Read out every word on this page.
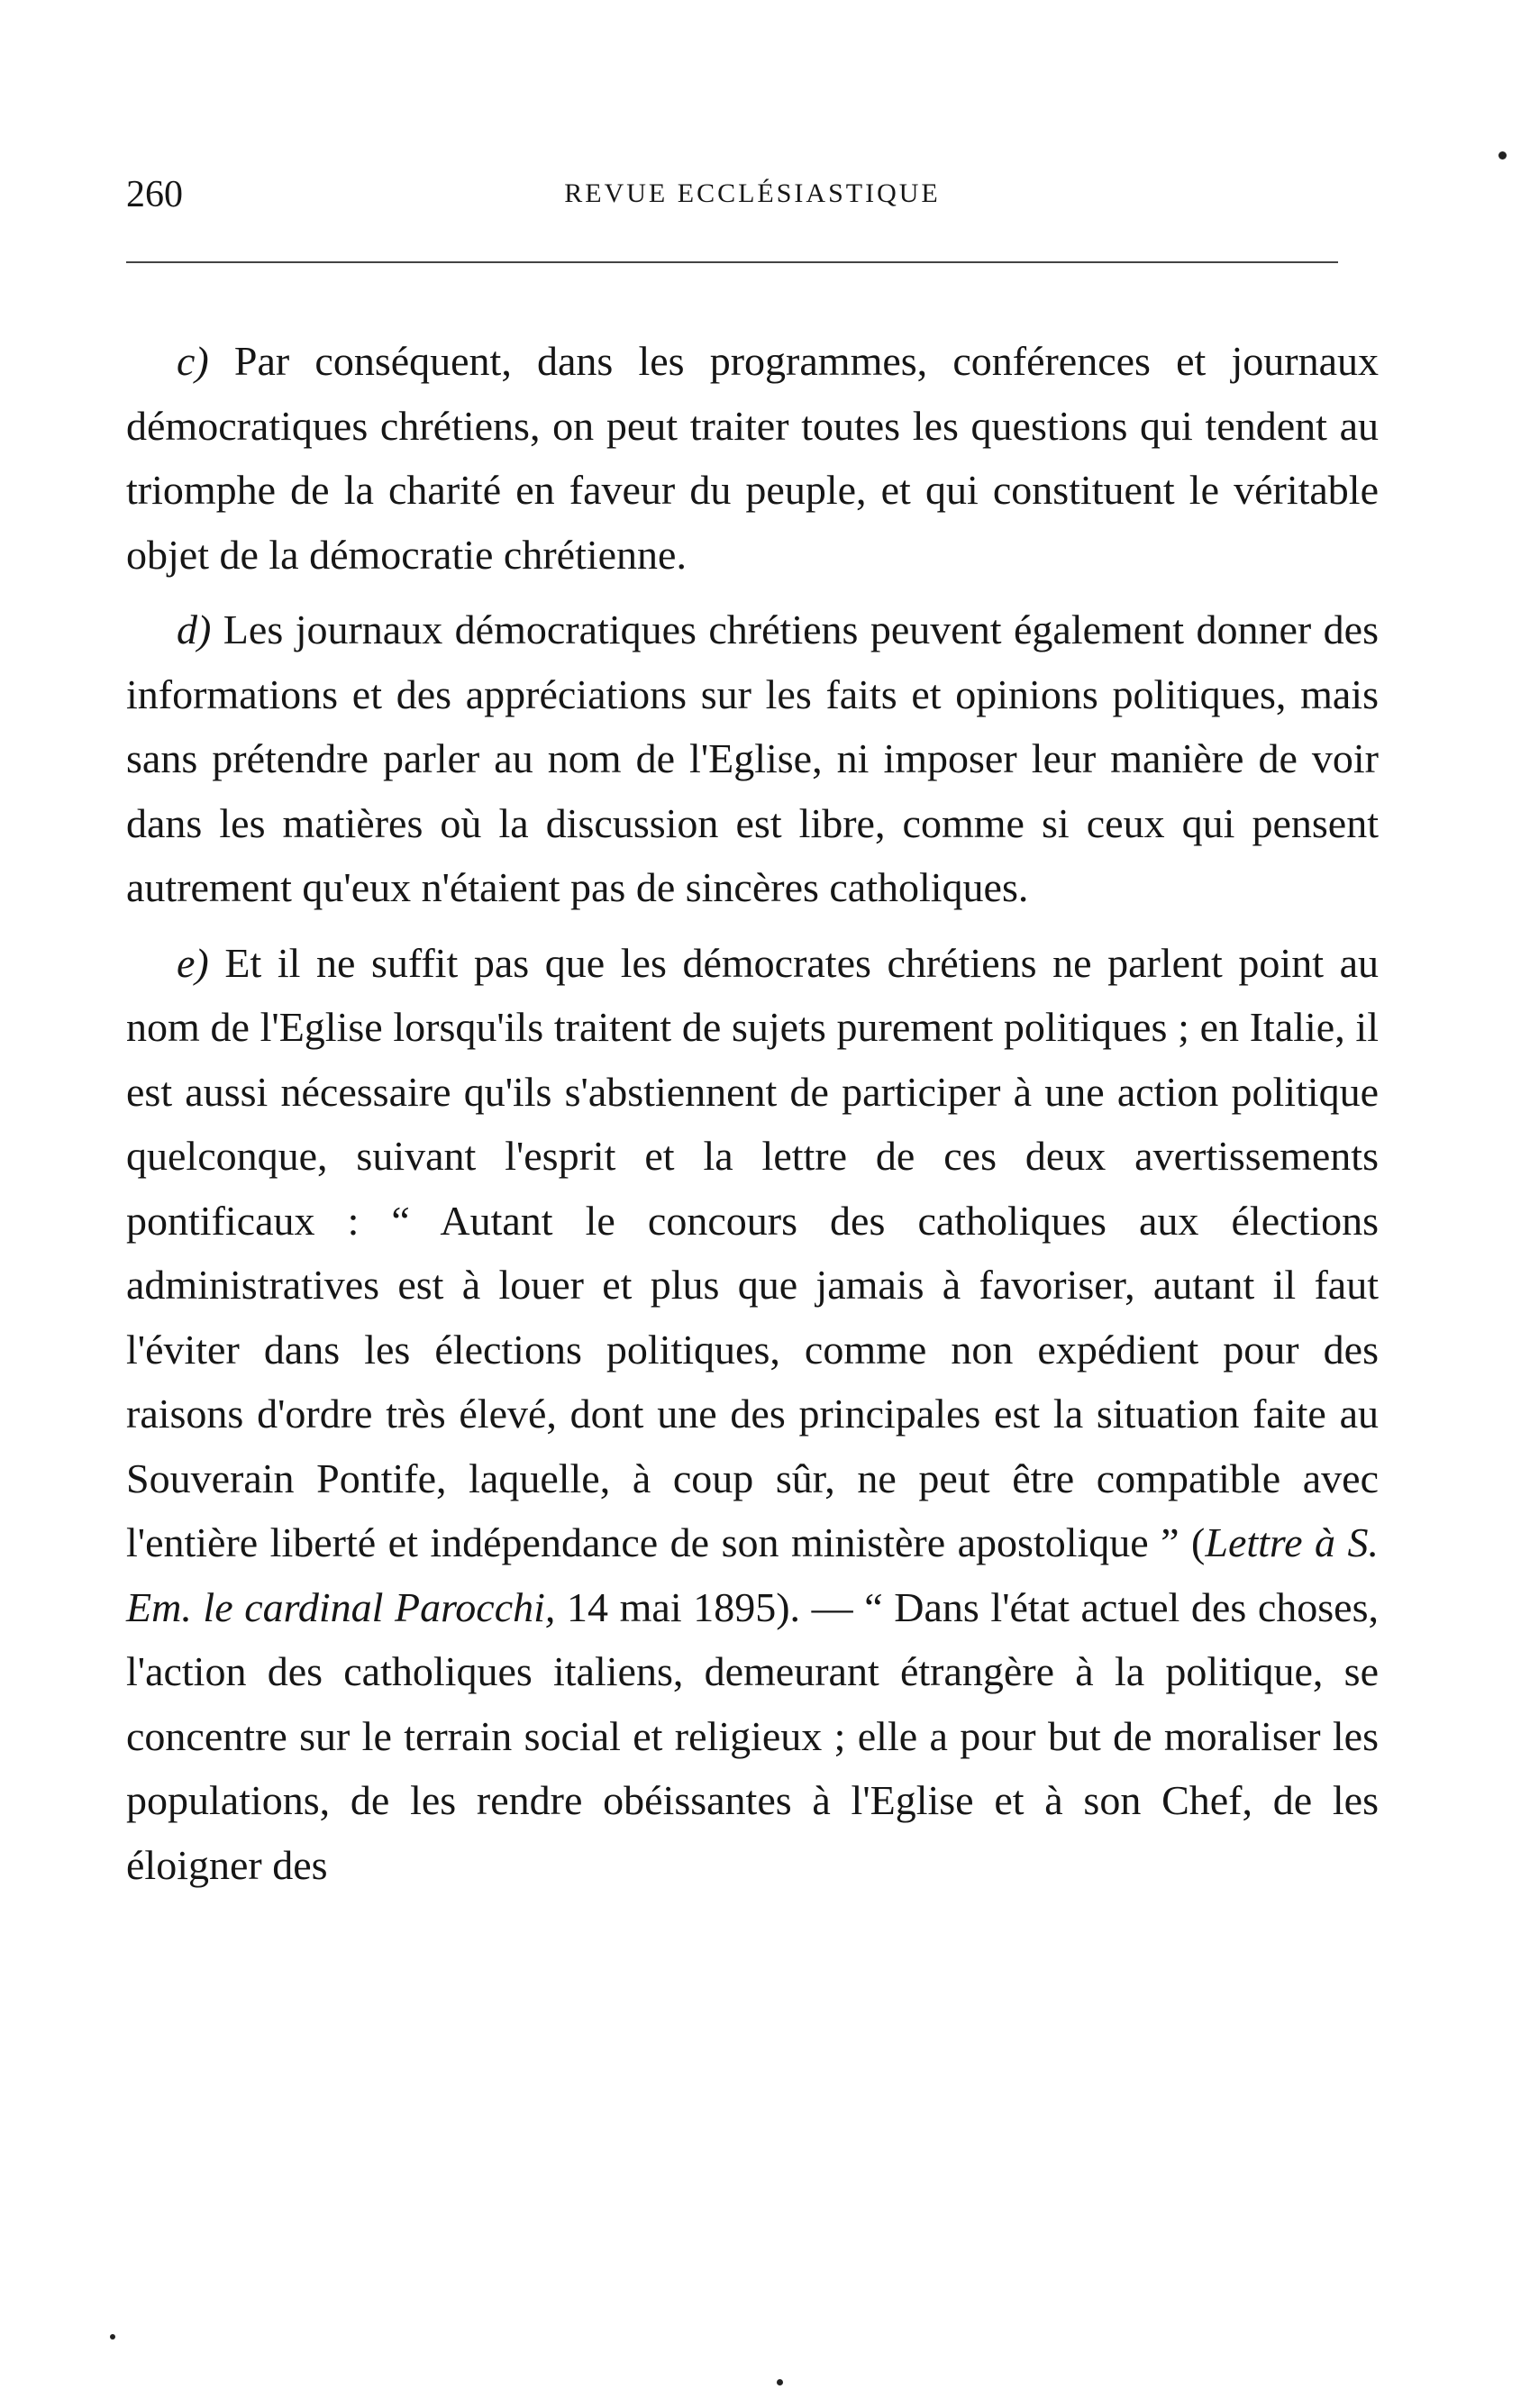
260	REVUE ECCLÉSIASTIQUE

c) Par conséquent, dans les programmes, conférences et journaux démocratiques chrétiens, on peut traiter toutes les questions qui tendent au triomphe de la charité en faveur du peuple, et qui constituent le véritable objet de la démocratie chrétienne.

d) Les journaux démocratiques chrétiens peuvent également donner des informations et des appréciations sur les faits et opinions politiques, mais sans prétendre parler au nom de l'Eglise, ni imposer leur manière de voir dans les matières où la discussion est libre, comme si ceux qui pensent autrement qu'eux n'étaient pas de sincères catholiques.

e) Et il ne suffit pas que les démocrates chrétiens ne parlent point au nom de l'Eglise lorsqu'ils traitent de sujets purement politiques ; en Italie, il est aussi nécessaire qu'ils s'abstiennent de participer à une action politique quelconque, suivant l'esprit et la lettre de ces deux avertissements pontificaux : “ Autant le concours des catholiques aux élections administratives est à louer et plus que jamais à favoriser, autant il faut l'éviter dans les élections politiques, comme non expédient pour des raisons d'ordre très élevé, dont une des principales est la situation faite au Souverain Pontife, laquelle, à coup sûr, ne peut être compatible avec l'entière liberté et indépendance de son ministère apostolique ” (Lettre à S. Em. le cardinal Parocchi, 14 mai 1895). — “ Dans l'état actuel des choses, l'action des catholiques italiens, demeurant étrangère à la politique, se concentre sur le terrain social et religieux ; elle a pour but de moraliser les populations, de les rendre obéissantes à l'Eglise et à son Chef, de les éloigner des
